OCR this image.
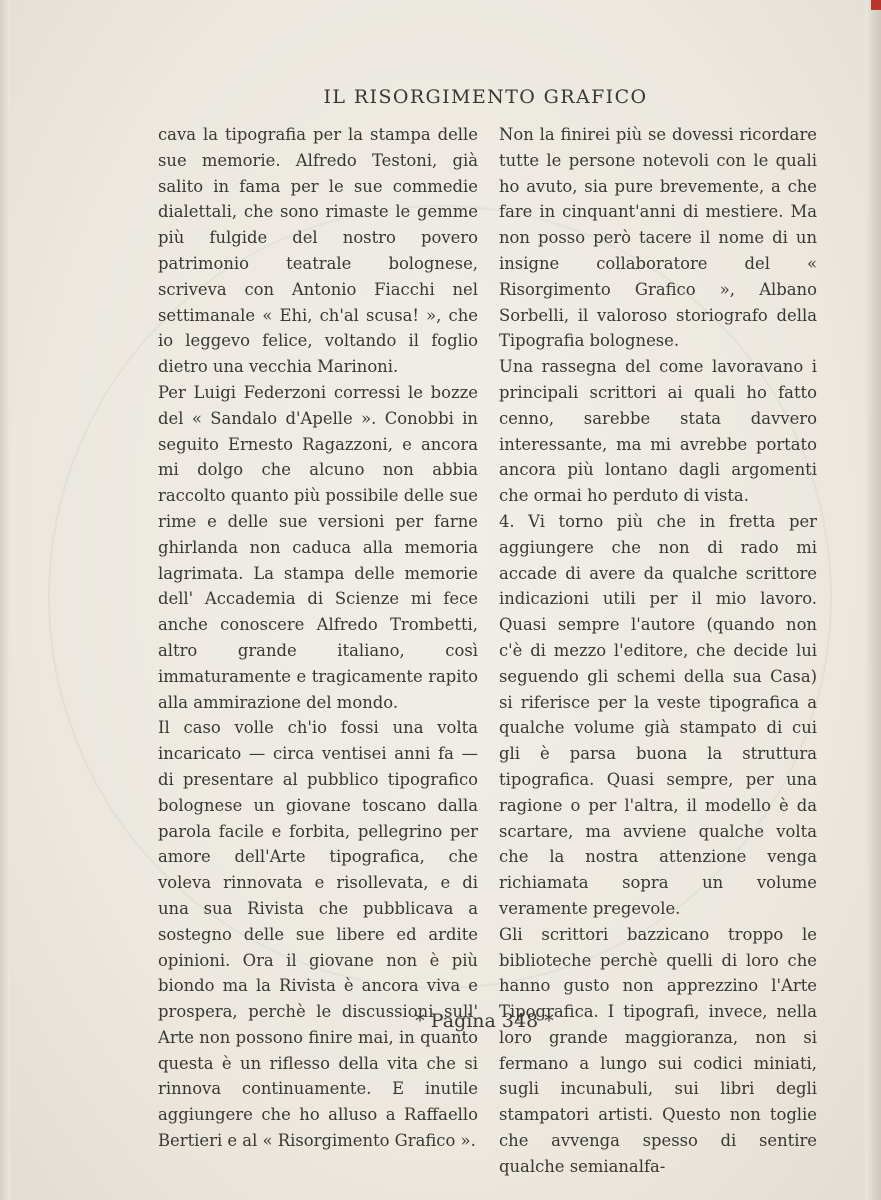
IL RISORGIMENTO GRAFICO

cava la tipografia per la stampa delle sue memorie. Alfredo Testoni, già salito in fama per le sue commedie dialettali, che sono rimaste le gemme più fulgide del nostro povero patrimonio teatrale bolognese, scriveva con Antonio Fiacchi nel settimanale « Ehi, ch'al scusa! », che io leggevo felice, voltando il foglio dietro una vecchia Marinoni.

Per Luigi Federzoni corressi le bozze del « Sandalo d'Apelle ». Conobbi in seguito Ernesto Ragazzoni, e ancora mi dolgo che alcuno non abbia raccolto quanto più possibile delle sue rime e delle sue versioni per farne ghirlanda non caduca alla memoria lagrimata. La stampa delle memorie dell' Accademia di Scienze mi fece anche conoscere Alfredo Trombetti, altro grande italiano, così immaturamente e tragicamente rapito alla ammirazione del mondo.

Il caso volle ch'io fossi una volta incaricato — circa ventisei anni fa — di presentare al pubblico tipografico bolognese un giovane toscano dalla parola facile e forbita, pellegrino per amore dell'Arte tipografica, che voleva rinnovata e risollevata, e di una sua Rivista che pubblicava a sostegno delle sue libere ed ardite opinioni. Ora il giovane non è più biondo ma la Rivista è ancora viva e prospera, perchè le discussioni sull' Arte non possono finire mai, in quanto questa è un riflesso della vita che si rinnova continuamente. E inutile aggiungere che ho alluso a Raffaello Bertieri e al « Risorgimento Grafico ».

Non la finirei più se dovessi ricordare tutte le persone notevoli con le quali ho avuto, sia pure brevemente, a che fare in cinquant'anni di mestiere. Ma non posso però tacere il nome di un insigne collaboratore del « Risorgimento Grafico », Albano Sorbelli, il valoroso storiografo della Tipografia bolognese.

Una rassegna del come lavoravano i principali scrittori ai quali ho fatto cenno, sarebbe stata davvero interessante, ma mi avrebbe portato ancora più lontano dagli argomenti che ormai ho perduto di vista.

4. Vi torno più che in fretta per aggiungere che non di rado mi accade di avere da qualche scrittore indicazioni utili per il mio lavoro. Quasi sempre l'autore (quando non c'è di mezzo l'editore, che decide lui seguendo gli schemi della sua Casa) si riferisce per la veste tipografica a qualche volume già stampato di cui gli è parsa buona la struttura tipografica. Quasi sempre, per una ragione o per l'altra, il modello è da scartare, ma avviene qualche volta che la nostra attenzione venga richiamata sopra un volume veramente pregevole.

Gli scrittori bazzicano troppo le biblioteche perchè quelli di loro che hanno gusto non apprezzino l'Arte Tipografica. I tipografi, invece, nella loro grande maggioranza, non si fermano a lungo sui codici miniati, sugli incunabuli, sui libri degli stampatori artisti. Questo non toglie che avvenga spesso di sentire qualche semianalfa-

* Pagina 348 *
